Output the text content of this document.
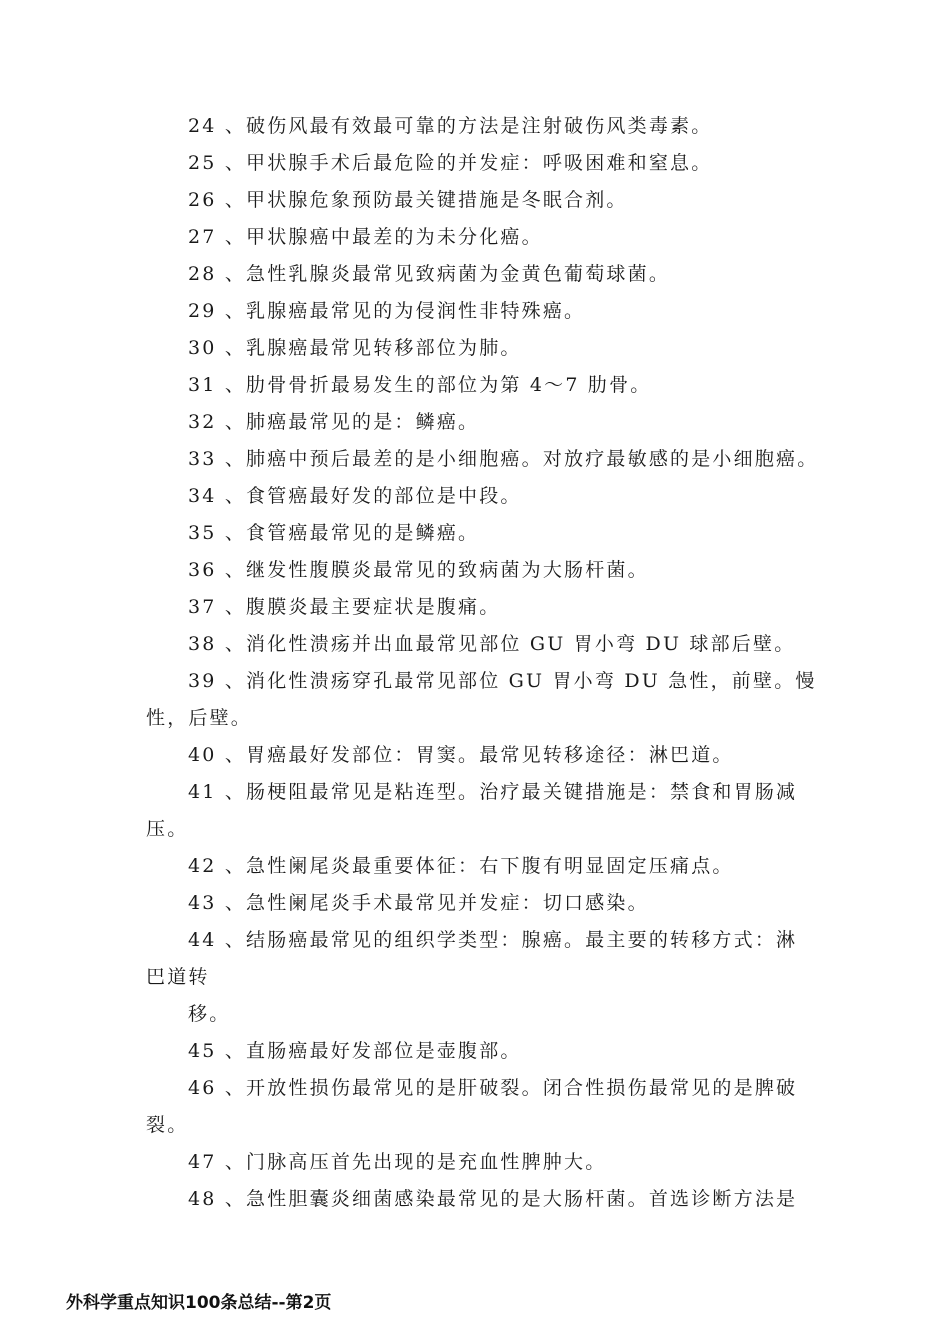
24 、破伤风最有效最可靠的方法是注射破伤风类毒素。
25 、甲状腺手术后最危险的并发症：呼吸困难和窒息。
26 、甲状腺危象预防最关键措施是冬眠合剂。
27 、甲状腺癌中最差的为未分化癌。
28 、急性乳腺炎最常见致病菌为金黄色葡萄球菌。
29 、乳腺癌最常见的为侵润性非特殊癌。
30 、乳腺癌最常见转移部位为肺。
31 、肋骨骨折最易发生的部位为第 4～7 肋骨。
32 、肺癌最常见的是：鳞癌。
33 、肺癌中预后最差的是小细胞癌。对放疗最敏感的是小细胞癌。
34 、食管癌最好发的部位是中段。
35 、食管癌最常见的是鳞癌。
36 、继发性腹膜炎最常见的致病菌为大肠杆菌。
37 、腹膜炎最主要症状是腹痛。
38 、消化性溃疡并出血最常见部位 GU 胃小弯 DU 球部后壁。
39 、消化性溃疡穿孔最常见部位 GU 胃小弯 DU 急性，前壁。慢
性，后壁。
40 、胃癌最好发部位：胃窦。最常见转移途径：淋巴道。
41 、肠梗阻最常见是粘连型。治疗最关键措施是：禁食和胃肠减
压。
42 、急性阑尾炎最重要体征：右下腹有明显固定压痛点。
43 、急性阑尾炎手术最常见并发症：切口感染。
44 、结肠癌最常见的组织学类型：腺癌。最主要的转移方式：淋
巴道转
移。
45 、直肠癌最好发部位是壶腹部。
46 、开放性损伤最常见的是肝破裂。闭合性损伤最常见的是脾破
裂。
47 、门脉高压首先出现的是充血性脾肿大。
48 、急性胆囊炎细菌感染最常见的是大肠杆菌。首选诊断方法是
外科学重点知识100条总结--第2页
